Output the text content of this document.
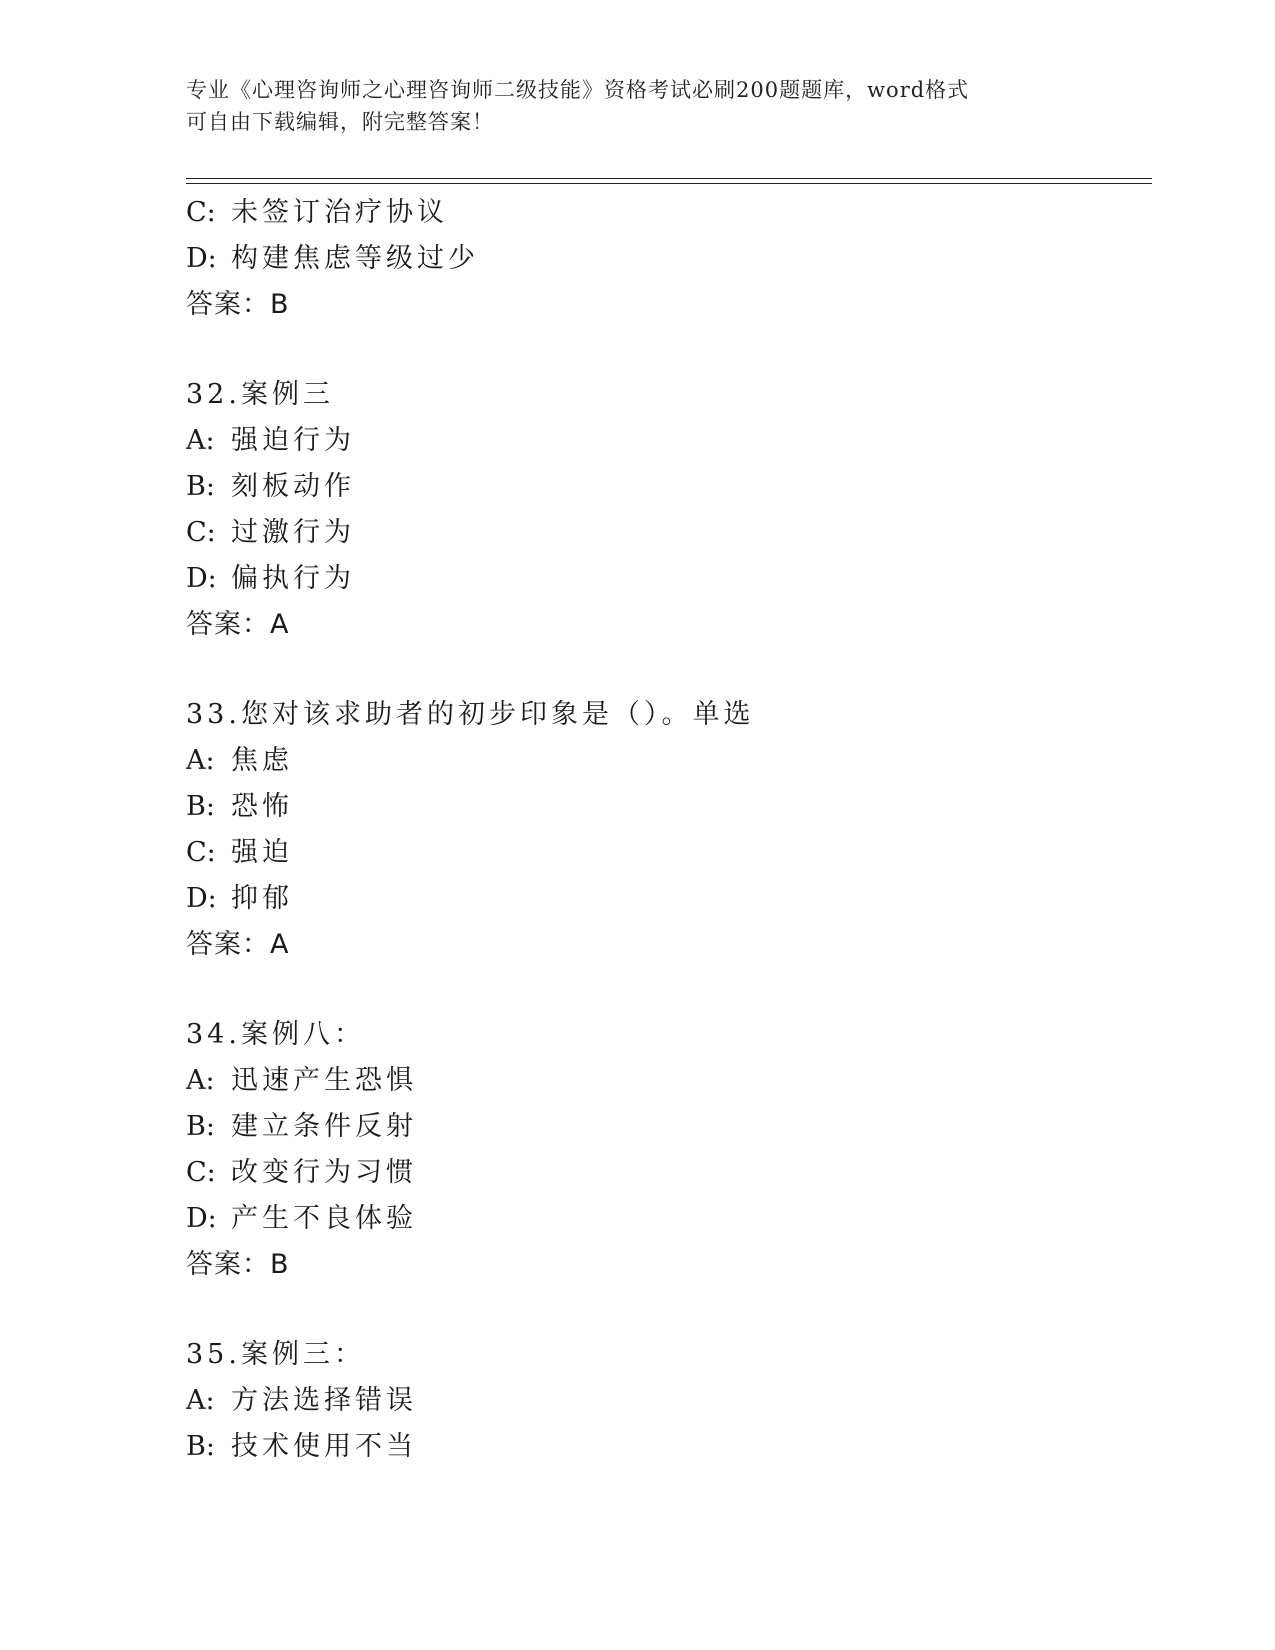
专业《心理咨询师之心理咨询师二级技能》资格考试必刷200题题库，word格式
可自由下载编辑，附完整答案！
C: 未签订治疗协议
D: 构建焦虑等级过少
答案：B
32.案例三
A: 强迫行为
B: 刻板动作
C: 过激行为
D: 偏执行为
答案：A
33.您对该求助者的初步印象是（）。单选
A: 焦虑
B: 恐怖
C: 强迫
D: 抑郁
答案：A
34.案例八：
A: 迅速产生恐惧
B: 建立条件反射
C: 改变行为习惯
D: 产生不良体验
答案：B
35.案例三：
A: 方法选择错误
B: 技术使用不当
